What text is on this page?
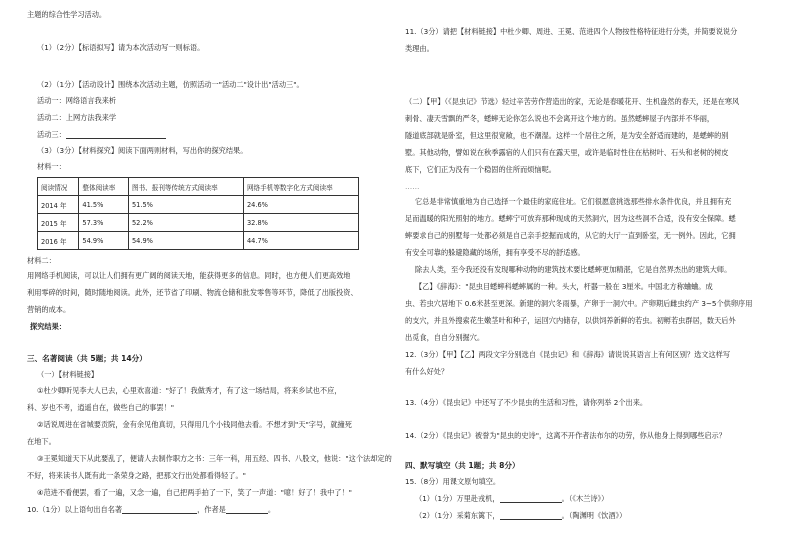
主题的综合性学习活动。
（1）（2分）【标语拟写】请为本次活动写一则标语。
（2）（1分）【活动设计】围绕本次活动主题，仿照活动一"活动二"设计出"活动三"。
活动一：网络语言我来析
活动二：上网方法我来学
活动三：
（3）（3分）【材料探究】阅读下面两则材料，写出你的探究结果。
材料一：
阅读情况	整体阅读率	图书、报刊等传统方式阅读率	网络手机等数字化方式阅读率
2014 年	41.5%	51.5%	24.6%
2015 年	57.3%	52.2%	32.8%
2016 年	54.9%	54.9%	44.7%
材料二：
用网络手机阅读，可以让人们拥有更广阔的阅读天地，能获得更多的信息。同时，也方便人们更高效地
利用零碎的时间，随时随地阅读。此外，还节省了印刷、物流仓储和批发零售等环节，降低了出版投资、
营销的成本。
探究结果：
三、名著阅读（共 5题；共 14分）
（一）【材料链接】
①杜少卿听见李大人已去，心里欢喜道："好了！我做秀才，有了这一场结局，将来乡试也不应，
科、岁也不考，逍遥自在，做些自己的事罢！"
②话说周进在省城要贡院，金有余见他真切，只得用几个小钱同他去看。不想才到"天"字号，就撞死
在地下。
③王冕知道天下从此要乱了，便请人去制作职方之书：三年一科，用五经、四书、八股文，他说："这个法却定的
不好，将来读书人既有此一条荣身之路，把那文行出处都看得轻了。"
④范进不看便罢，看了一遍，又念一遍，自己把两手拍了一下，笑了一声道："噫！好了！我中了！"
10.（1分）以上语句出自名著	，作者是	。
11.（3分）请把【材料链接】中杜少卿、周进、王冕、范进四个人物按性格特征进行分类，并简要说说分
类理由。
（二）【甲】（《昆虫记》节选）轻过辛苦劳作营造出的家，无论是春暖花开、生机盎然的春天，还是在寒风
刺骨、凄天雪飘的严冬，蟋蟀无论你怎么说也不会离开这个地方的。虽然蟋蟀屋子内部并不华丽，
隧道底部就是卧室，但这里很宽敞，也不潮湿。这样一个居住之所，是为安全舒适而建的，是蟋蟀的别
墅。其他动物，譬如说在秋季露宿的人们只有在露天里，或许是临时性住在枯树叶、石头和老树的树皮
底下，它们正为没有一个稳固的住所而烦恼呢。
……
它总是非常慎重地为自己选择一个最佳的家庭住址。它们很愿意挑选那些排水条件优良，并且拥有充
足而温暖的阳光照射的地方。蟋蟀宁可放弃那种现成的天然洞穴，因为这些洞不合适，没有安全保障。蟋
蟀要求自己的别墅每一处都必须是自己亲手挖掘而成的，从它的大厅一直到卧室，无一例外。因此，它拥
有安全可靠的躲避隐藏的场所，拥有享受不尽的舒适感。
除去人类，至今我还没有发现哪种动物的建筑技术要比蟋蟀更加精湛，它是自然界杰出的建筑大师。
【乙】《辞海》："昆虫目蟋蟀科蟋蟀属的一种。头大，杆器一般在 3厘米。中国北方称蛐蛐。成
虫、若虫穴居地下 0.6米甚至更深。新建的洞穴冬雨暴，产卵于一洞穴中。产卵期后雌虫约产 3~5个供卵序用
的支穴，并且外搜索花生嫩茎叶和种子，运回穴内储存，以供饲养新鲜的若虫。初孵若虫群居，数天后外
出觅食，自自分别掘穴。
12.（3分）【甲】【乙】两段文字分别选自《昆虫记》和《辞海》请说说其语言上有何区别？选文这样写
有什么好处？
13.（4分）《昆虫记》中还写了不少昆虫的生活和习性，请你列举 2个出来。
14.（2分）《昆虫记》被誉为"昆虫的史诗"，这离不开作者法布尔的功劳，你从他身上得到哪些启示？
四、默写填空（共 1题；共 8分）
15.（8分）用课文原句填空。
（1）（1分）万里赴戎机，	。（《木兰诗》）
（2）（1分）采菊东篱下，	。（陶渊明《饮酒》）
